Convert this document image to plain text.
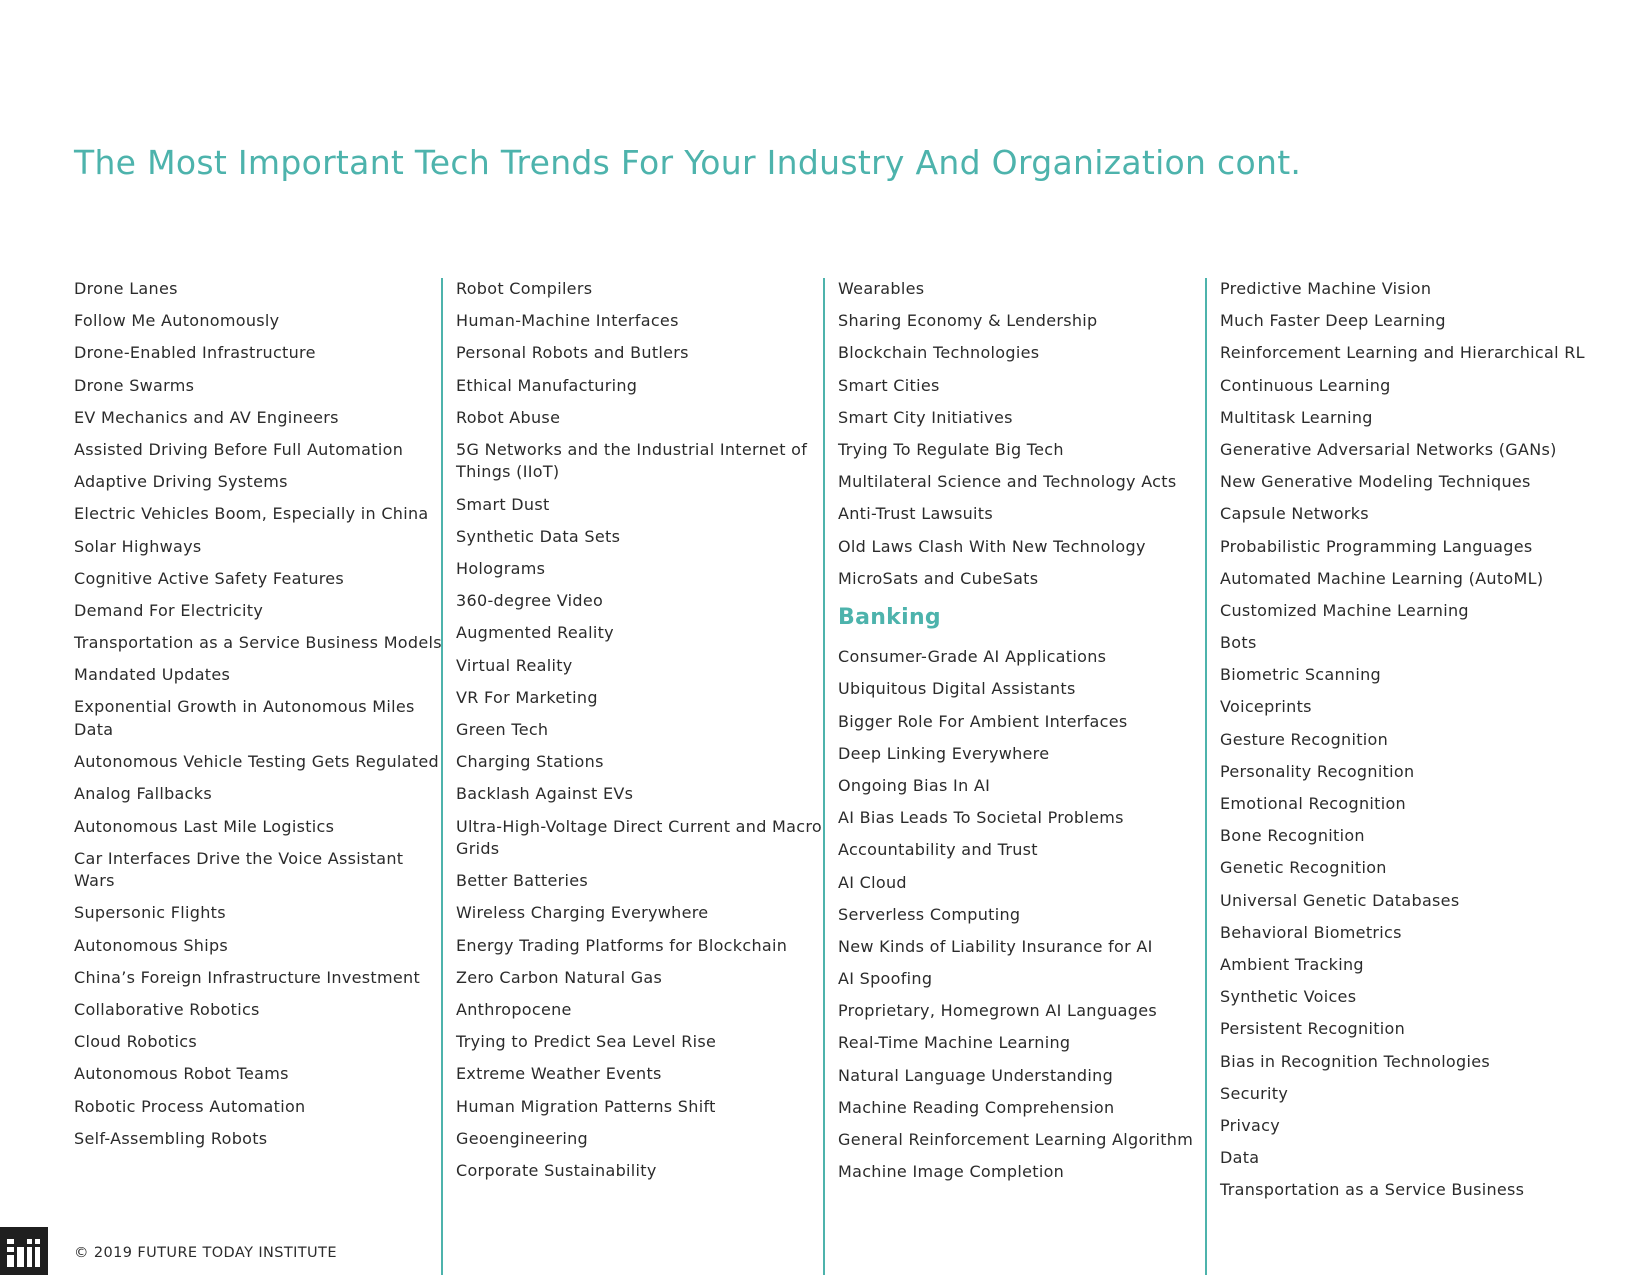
The Most Important Tech Trends For Your Industry And Organization cont.
Drone Lanes
Follow Me Autonomously
Drone-Enabled Infrastructure
Drone Swarms
EV Mechanics and AV Engineers
Assisted Driving Before Full Automation
Adaptive Driving Systems
Electric Vehicles Boom, Especially in China
Solar Highways
Cognitive Active Safety Features
Demand For Electricity
Transportation as a Service Business Models
Mandated Updates
Exponential Growth in Autonomous Miles Data
Autonomous Vehicle Testing Gets Regulated
Analog Fallbacks
Autonomous Last Mile Logistics
Car Interfaces Drive the Voice Assistant Wars
Supersonic Flights
Autonomous Ships
China’s Foreign Infrastructure Investment
Collaborative Robotics
Cloud Robotics
Autonomous Robot Teams
Robotic Process Automation
Self-Assembling Robots
Robot Compilers
Human-Machine Interfaces
Personal Robots and Butlers
Ethical Manufacturing
Robot Abuse
5G Networks and the Industrial Internet of Things (IIoT)
Smart Dust
Synthetic Data Sets
Holograms
360-degree Video
Augmented Reality
Virtual Reality
VR For Marketing
Green Tech
Charging Stations
Backlash Against EVs
Ultra-High-Voltage Direct Current and Macro Grids
Better Batteries
Wireless Charging Everywhere
Energy Trading Platforms for Blockchain
Zero Carbon Natural Gas
Anthropocene
Trying to Predict Sea Level Rise
Extreme Weather Events
Human Migration Patterns Shift
Geoengineering
Corporate Sustainability
Wearables
Sharing Economy & Lendership
Blockchain Technologies
Smart Cities
Smart City Initiatives
Trying To Regulate Big Tech
Multilateral Science and Technology Acts
Anti-Trust Lawsuits
Old Laws Clash With New Technology
MicroSats and CubeSats
Banking
Consumer-Grade AI Applications
Ubiquitous Digital Assistants
Bigger Role For Ambient Interfaces
Deep Linking Everywhere
Ongoing Bias In AI
AI Bias Leads To Societal Problems
Accountability and Trust
AI Cloud
Serverless Computing
New Kinds of Liability Insurance for AI
AI Spoofing
Proprietary, Homegrown AI Languages
Real-Time Machine Learning
Natural Language Understanding
Machine Reading Comprehension
General Reinforcement Learning Algorithm
Machine Image Completion
Predictive Machine Vision
Much Faster Deep Learning
Reinforcement Learning and Hierarchical RL
Continuous Learning
Multitask Learning
Generative Adversarial Networks (GANs)
New Generative Modeling Techniques
Capsule Networks
Probabilistic Programming Languages
Automated Machine Learning (AutoML)
Customized Machine Learning
Bots
Biometric Scanning
Voiceprints
Gesture Recognition
Personality Recognition
Emotional Recognition
Bone Recognition
Genetic Recognition
Universal Genetic Databases
Behavioral Biometrics
Ambient Tracking
Synthetic Voices
Persistent Recognition
Bias in Recognition Technologies
Security
Privacy
Data
Transportation as a Service Business
© 2019 FUTURE TODAY INSTITUTE
